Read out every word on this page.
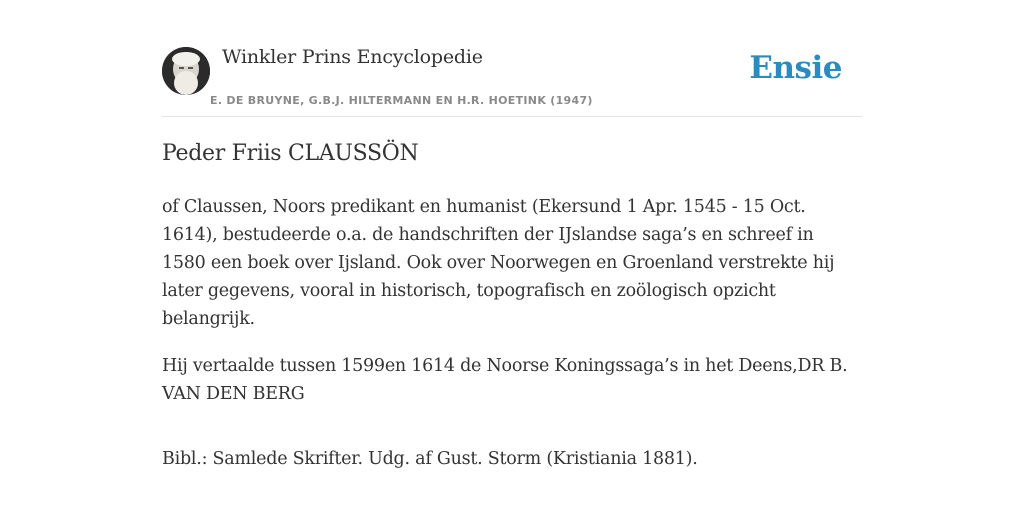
Winkler Prins Encyclopedie
E. DE BRUYNE, G.B.J. HILTERMANN EN H.R. HOETINK (1947)
Ensie
Peder Friis CLAUSSÖN

of Claussen, Noors predikant en humanist (Ekersund 1 Apr. 1545 - 15 Oct. 1614), bestudeerde o.a. de handschriften der IJslandse saga’s en schreef in 1580 een boek over Ijsland. Ook over Noorwegen en Groenland verstrekte hij later gegevens, vooral in historisch, topografisch en zoölogisch opzicht belangrijk.

Hij vertaalde tussen 1599en 1614 de Noorse Koningssaga’s in het Deens,DR B. VAN DEN BERG

Bibl.: Samlede Skrifter. Udg. af Gust. Storm (Kristiania 1881).
